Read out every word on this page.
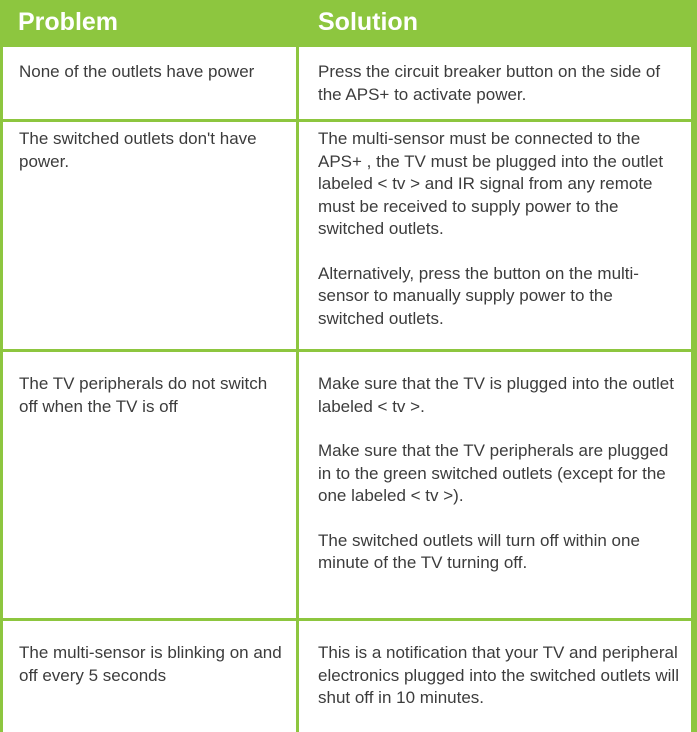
Problem	Solution
None of the outlets have power	Press the circuit breaker button on the side of the APS+ to activate power.

The switched outlets don't have power.

The multi-sensor must be connected to the APS+ , the TV must be plugged into the outlet labeled < tv > and IR signal from any remote must be received to supply power to the switched outlets.

Alternatively, press the button on the multi-sensor to manually supply power to the switched outlets.

The TV peripherals do not switch off when the TV is off

Make sure that the TV is plugged into the outlet labeled < tv >.

Make sure that the TV peripherals are plugged in to the green switched outlets (except for the one labeled < tv >).

The switched outlets will turn off within one minute of the TV turning off.

The multi-sensor is blinking on and off every 5 seconds

This is a notification that your TV and peripheral electronics plugged into the switched outlets will shut off in 10 minutes.
